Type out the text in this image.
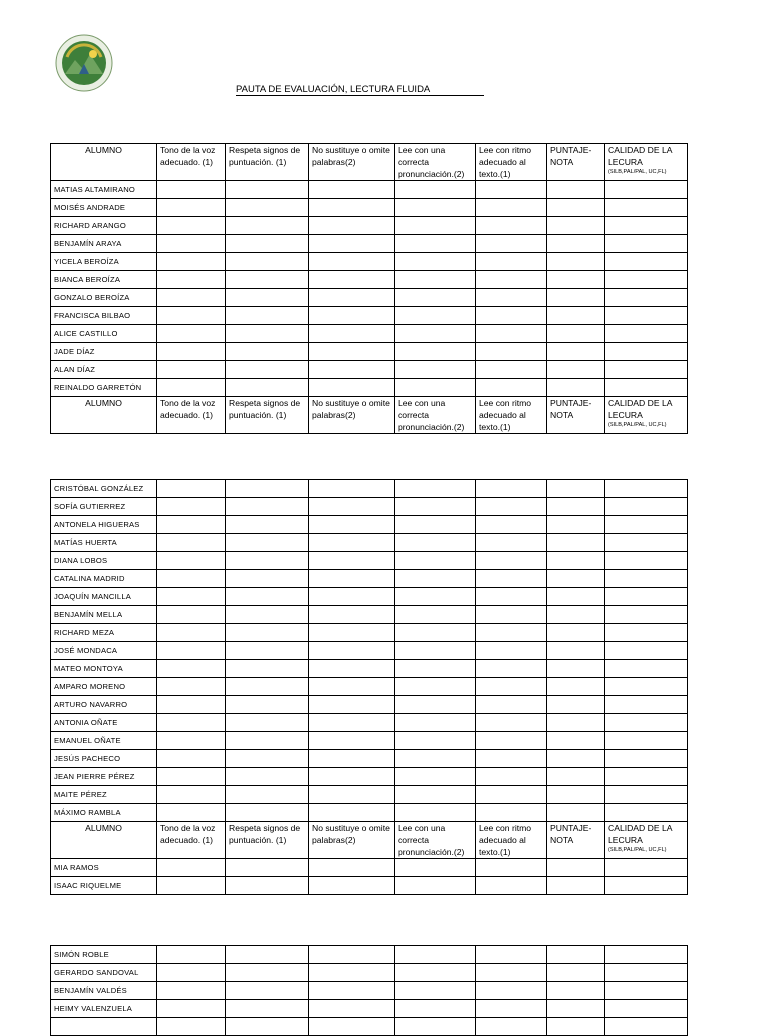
PAUTA DE EVALUACIÓN, LECTURA FLUIDA
ALUMNO	Tono de la voz adecuado. (1)	Respeta signos de puntuación. (1)	No sustituye o omite palabras(2)	Lee con una correcta pronunciación.(2)	Lee con ritmo adecuado al texto.(1)	PUNTAJE-NOTA	CALIDAD DE LA LECURA
(SILB,PAL/PAL, UC,FL)

MATIAS ALTAMIRANO							
MOISÉS ANDRADE							
RICHARD ARANGO							
BENJAMÍN ARAYA							
YICELA BEROÍZA							
BIANCA BEROÍZA							
GONZALO BEROÍZA							
FRANCISCA BILBAO							
ALICE CASTILLO							
JADE DÍAZ							
ALAN DÍAZ							
REINALDO GARRETÓN							
ALUMNO	Tono de la voz adecuado. (1)	Respeta signos de puntuación. (1)	No sustituye o omite palabras(2)	Lee con una correcta pronunciación.(2)	Lee con ritmo adecuado al texto.(1)	PUNTAJE-NOTA	CALIDAD DE LA LECURA
(SILB,PAL/PAL, UC,FL)
CRISTÓBAL GONZÁLEZ							
SOFÍA GUTIERREZ							
ANTONELA HIGUERAS							
MATÍAS HUERTA							
DIANA LOBOS							
CATALINA MADRID							
JOAQUÍN MANCILLA							
BENJAMÍN MELLA							
RICHARD MEZA							
JOSÉ MONDACA							
MATEO MONTOYA							
AMPARO MORENO							
ARTURO NAVARRO							
ANTONIA OÑATE							
EMANUEL OÑATE							
JESÚS PACHECO							
JEAN PIERRE PÉREZ							
MAITE PÉREZ							
MÁXIMO RAMBLA							
ALUMNO	Tono de la voz adecuado. (1)	Respeta signos de puntuación. (1)	No sustituye o omite palabras(2)	Lee con una correcta pronunciación.(2)	Lee con ritmo adecuado al texto.(1)	PUNTAJE-NOTA	CALIDAD DE LA LECURA
(SILB,PAL/PAL, UC,FL)

MIA RAMOS							
ISAAC RIQUELME							
SIMÓN ROBLE							
GERARDO SANDOVAL							
BENJAMÍN VALDÉS							
HEIMY VALENZUELA							
